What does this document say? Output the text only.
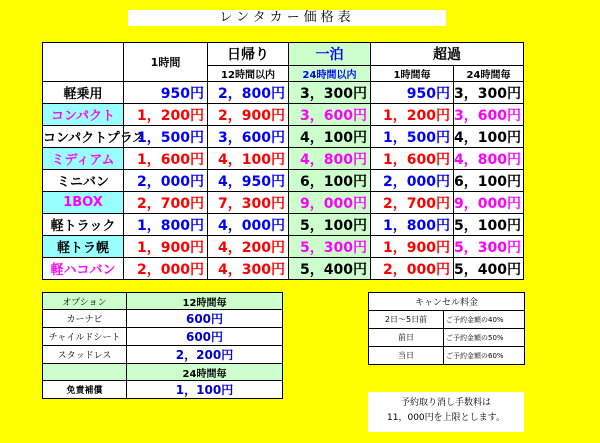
レンタカー価格表
	1時間	日帰り	一泊	超過	
		12時間以内	24時間以内	1時間毎	24時間毎
軽乗用	950円	2，800円	3，300円	950円	3，300円
コンパクト	1，200円	2，900円	3，600円	1，200円	3，600円
コンパクトプラス	1，500円	3，600円	4，100円	1，500円	4，100円
ミディアム	1，600円	4，100円	4，800円	1，600円	4，800円
ミニバン	2，000円	4，950円	6，100円	2，000円	6，100円
1BOX	2，700円	7，300円	9，000円	2，700円	9，000円
軽トラック	1，800円	4，000円	5，100円	1，800円	5，100円
軽トラ幌	1，900円	4，200円	5，300円	1，900円	5，300円
軽ハコバン	2，000円	4，300円	5，400円	2，000円	5，400円
オプション	12時間毎
カーナビ	600円
チャイルドシート	600円
スタッドレス	2，200円
	24時間毎
免責補償	1，100円
キャンセル料金	
2日～5日前	ご予約金額の40%
前日	ご予約金額の50%
当日	ご予約金額の60%
予約取り消し手数料は
11，000円を上限とします。
